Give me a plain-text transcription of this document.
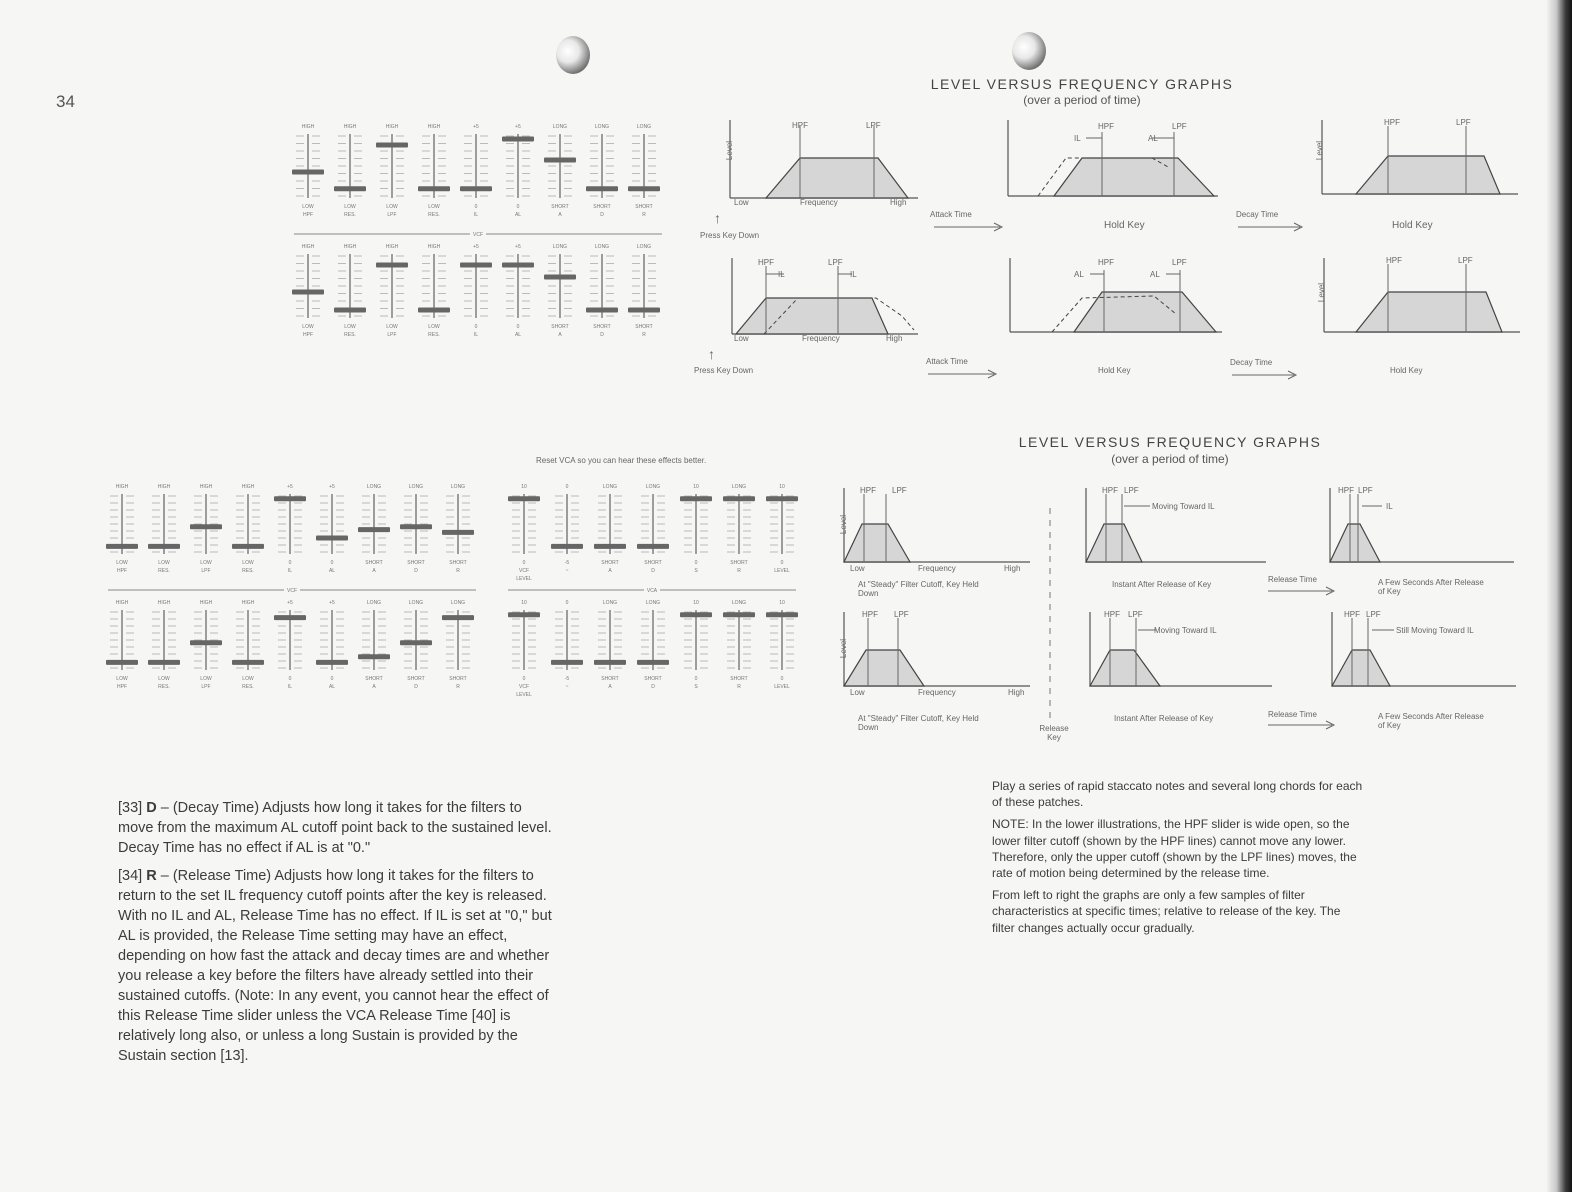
34
LEVEL VERSUS FREQUENCY GRAPHS
(over a period of time)
HIGH
LOW
HPF
HIGH
LOW
RES.
HIGH
LOW
LPF
HIGH
LOW
RES.
+5
0
IL
+5
0
AL
LONG
SHORT
A
LONG
SHORT
D
LONG
SHORT
R
VCF
HIGH
LOW
HPF
HIGH
LOW
RES.
HIGH
LOW
LPF
HIGH
LOW
RES.
+5
0
IL
+5
0
AL
LONG
SHORT
A
LONG
SHORT
D
LONG
SHORT
R
HPF	LPF
Level
Low	Frequency	High
↑
Press Key Down
Attack Time
HPF	LPF
IL	AL
Hold Key
Decay Time
HPF	LPF
Level
Hold Key
HPF	LPF
IL	IL
Low	Frequency	High
↑
Press Key Down
Attack Time
HPF	LPF
AL	AL
Hold Key
Decay Time
HPF	LPF
Level
Hold Key
LEVEL VERSUS FREQUENCY GRAPHS
(over a period of time)
Reset VCA so you can hear these effects better.
HIGH
LOW
HPF
HIGH
LOW
RES.
HIGH
LOW
LPF
HIGH
LOW
RES.
+5
0
IL
+5
0
AL
LONG
SHORT
A
LONG
SHORT
D
LONG
SHORT
R
VCF
HIGH
LOW
HPF
HIGH
LOW
RES.
HIGH
LOW
LPF
HIGH
LOW
RES.
+5
0
IL
+5
0
AL
LONG
SHORT
A
LONG
SHORT
D
LONG
SHORT
R
10
0
VCF
LEVEL
0
-5
~
LONG
SHORT
A
LONG
SHORT
D
10
0
S
LONG
SHORT
R
10
0
LEVEL
VCA
10
0
VCF
LEVEL
0
-5
~
LONG
SHORT
A
LONG
SHORT
D
10
0
S
LONG
SHORT
R
10
0
LEVEL
HPF LPF
Level
Low	Frequency	High
At "Steady" Filter Cutoff, Key Held Down
HPF LPF
Moving Toward IL
Instant After Release of Key
Release Time
HPF LPF
IL
A Few Seconds After Release of Key
Release Key
HPF LPF
Level
Low	Frequency	High
At "Steady" Filter Cutoff, Key Held Down
HPF LPF
Moving Toward IL
Instant After Release of Key	Release Time
HPF LPF
Still Moving Toward IL
A Few Seconds After Release of Key

[33] D – (Decay Time) Adjusts how long it takes for the filters to move from the maximum AL cutoff point back to the sustained level. Decay Time has no effect if AL is at "0."

[34] R – (Release Time) Adjusts how long it takes for the filters to return to the set IL frequency cutoff points after the key is released. With no IL and AL, Release Time has no effect. If IL is set at "0," but AL is provided, the Release Time setting may have an effect, depending on how fast the attack and decay times are and whether you release a key before the filters have already settled into their sustained cutoffs. (Note: In any event, you cannot hear the effect of this Release Time slider unless the VCA Release Time [40] is relatively long also, or unless a long Sustain is provided by the Sustain section [13].

Play a series of rapid staccato notes and several long chords for each of these patches.

NOTE: In the lower illustrations, the HPF slider is wide open, so the lower filter cutoff (shown by the HPF lines) cannot move any lower. Therefore, only the upper cutoff (shown by the LPF lines) moves, the rate of motion being determined by the release time.

From left to right the graphs are only a few samples of filter characteristics at specific times; relative to release of the key. The filter changes actually occur gradually.
